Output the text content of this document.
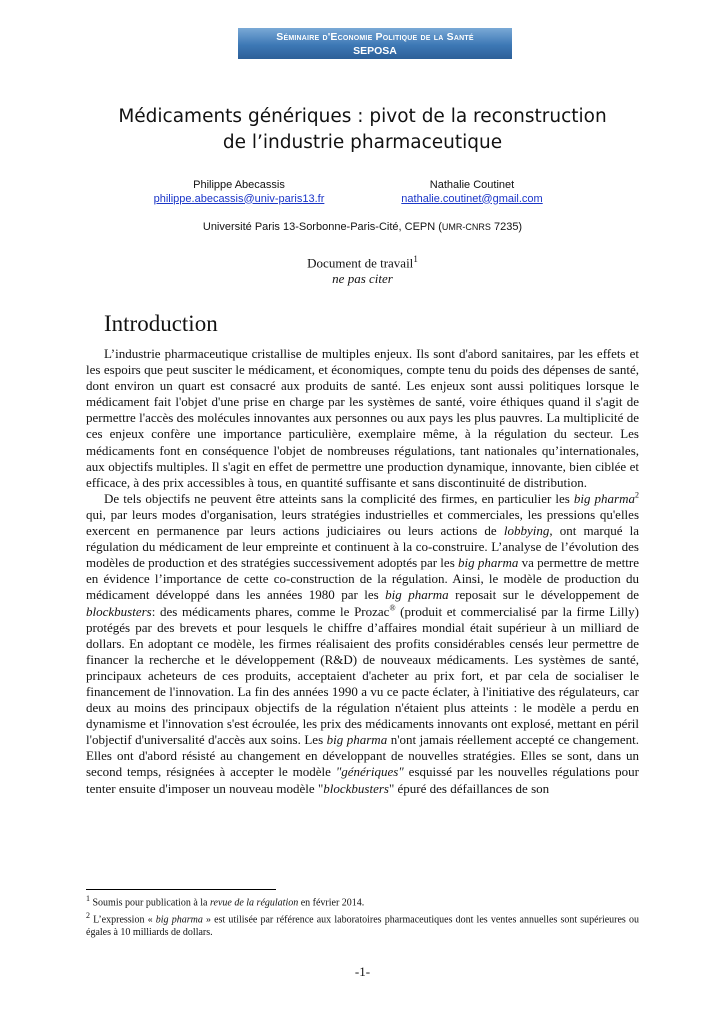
Séminaire d'Economie Politique de la Santé
SEPOSA
Médicaments génériques : pivot de la reconstruction
de l’industrie pharmaceutique
Philippe Abecassis
philippe.abecassis@univ-paris13.fr
Nathalie Coutinet
nathalie.coutinet@gmail.com
Université Paris 13-Sorbonne-Paris-Cité, CEPN (UMR-CNRS 7235)
Document de travail$^1$
ne pas citer
Introduction

L’industrie pharmaceutique cristallise de multiples enjeux. Ils sont d'abord sanitaires, par les effets et les espoirs que peut susciter le médicament, et économiques, compte tenu du poids des dépenses de santé, dont environ un quart est consacré aux produits de santé. Les enjeux sont aussi politiques lorsque le médicament fait l'objet d'une prise en charge par les systèmes de santé, voire éthiques quand il s'agit de permettre l'accès des molécules innovantes aux personnes ou aux pays les plus pauvres. La multiplicité de ces enjeux confère une importance particulière, exemplaire même, à la régulation du secteur. Les médicaments font en conséquence l'objet de nombreuses régulations, tant nationales qu’internationales, aux objectifs multiples. Il s'agit en effet de permettre une production dynamique, innovante, bien ciblée et efficace, à des prix accessibles à tous, en quantité suffisante et sans discontinuité de distribution.

De tels objectifs ne peuvent être atteints sans la complicité des firmes, en particulier les big pharma$^2$ qui, par leurs modes d'organisation, leurs stratégies industrielles et commerciales, les pressions qu'elles exercent en permanence par leurs actions judiciaires ou leurs actions de lobbying, ont marqué la régulation du médicament de leur empreinte et continuent à la co-construire. L’analyse de l’évolution des modèles de production et des stratégies successivement adoptés par les big pharma va permettre de mettre en évidence l’importance de cette co-construction de la régulation. Ainsi, le modèle de production du médicament développé dans les années 1980 par les big pharma reposait sur le développement de blockbusters: des médicaments phares, comme le Prozac® (produit et commercialisé par la firme Lilly) protégés par des brevets et pour lesquels le chiffre d’affaires mondial était supérieur à un milliard de dollars. En adoptant ce modèle, les firmes réalisaient des profits considérables censés leur permettre de financer la recherche et le développement (R&D) de nouveaux médicaments. Les systèmes de santé, principaux acheteurs de ces produits, acceptaient d'acheter au prix fort, et par cela de socialiser le financement de l'innovation. La fin des années 1990 a vu ce pacte éclater, à l'initiative des régulateurs, car deux au moins des principaux objectifs de la régulation n'étaient plus atteints : le modèle a perdu en dynamisme et l'innovation s'est écroulée, les prix des médicaments innovants ont explosé, mettant en péril l'objectif d'universalité d'accès aux soins. Les big pharma n'ont jamais réellement accepté ce changement. Elles ont d'abord résisté au changement en développant de nouvelles stratégies. Elles se sont, dans un second temps, résignées à accepter le modèle "génériques" esquissé par les nouvelles régulations pour tenter ensuite d'imposer un nouveau modèle "blockbusters" épuré des défaillances de son

$^1$ Soumis pour publication à la revue de la régulation en février 2014.
$^2$ L’expression « big pharma » est utilisée par référence aux laboratoires pharmaceutiques dont les ventes annuelles sont supérieures ou égales à 10 milliards de dollars.
-1-
